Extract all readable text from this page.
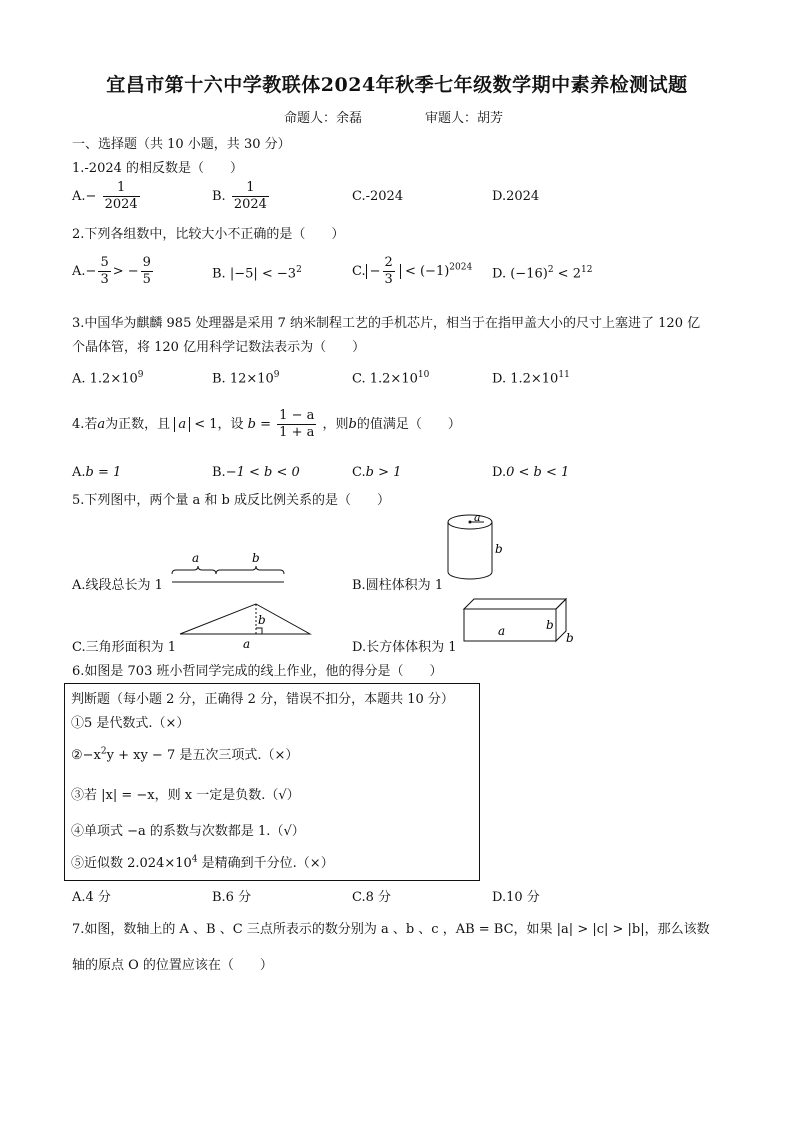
宜昌市第十六中学教联体2024年秋季七年级数学期中素养检测试题
命题人：余磊	审题人：胡芳
一、选择题（共 10 小题，共 30 分）
1.-2024 的相反数是（　　）
$A.- \frac{1}{2024}$	B. $\frac{1}{2024}$	C.-2024	D.2024
2.下列各组数中，比较大小不正确的是（　　）
$A.- \frac{5}{3}$ > − $\frac{9}{5}$	B. $|-5| < -3^2$	C. − $\frac{2}{3} < (-1)^{2024}$ D. $(-16)^2 < 2^{12}$
3.中国华为麒麟 985 处理器是采用 7 纳米制程工艺的手机芯片，相当于在指甲盖大小的尺寸上塞进了 120 亿
个晶体管，将 120 亿用科学记数法表示为（　　）
A. $1.2\times 10^9$	B. $12\times 10^9$	C. $1.2\times 10^{10}$	D. $1.2\times 10^{11}$
4.若a为正数，且 a < 1，设 $b = \frac{1 - a}{1 + a}$ ，则b的值满足（　　）
A.b = 1	B.−1 < b < 0	C.b > 1	D.0 < b < 1
5.下列图中，两个量 a 和 b 成反比例关系的是（　　）
A.线段总长为 1	B.圆柱体积为 1
C.三角形面积为 1	D.长方体体积为 1
a	b
a
b
b
a
a	b
b
6.如图是 703 班小哲同学完成的线上作业，他的得分是（　　）
判断题（每小题 2 分，正确得 2 分，错误不扣分，本题共 10 分）
①5 是代数式.（×）
$②-x^2y$ + xy − 7 是五次三项式.（×）
③若 |x| = −x，则 x 一定是负数.（√）
④单项式 −a 的系数与次数都是 1.（√）
⑤近似数 $2.024\times 10^4$ 是精确到千分位.（×）
A.4 分	B.6 分	C.8 分	D.10 分
7.如图，数轴上的 A 、B 、C 三点所表示的数分别为 a 、b 、c ，AB = BC，如果 |a| > |c| > |b|，那么该数
轴的原点 O 的位置应该在（　　）
